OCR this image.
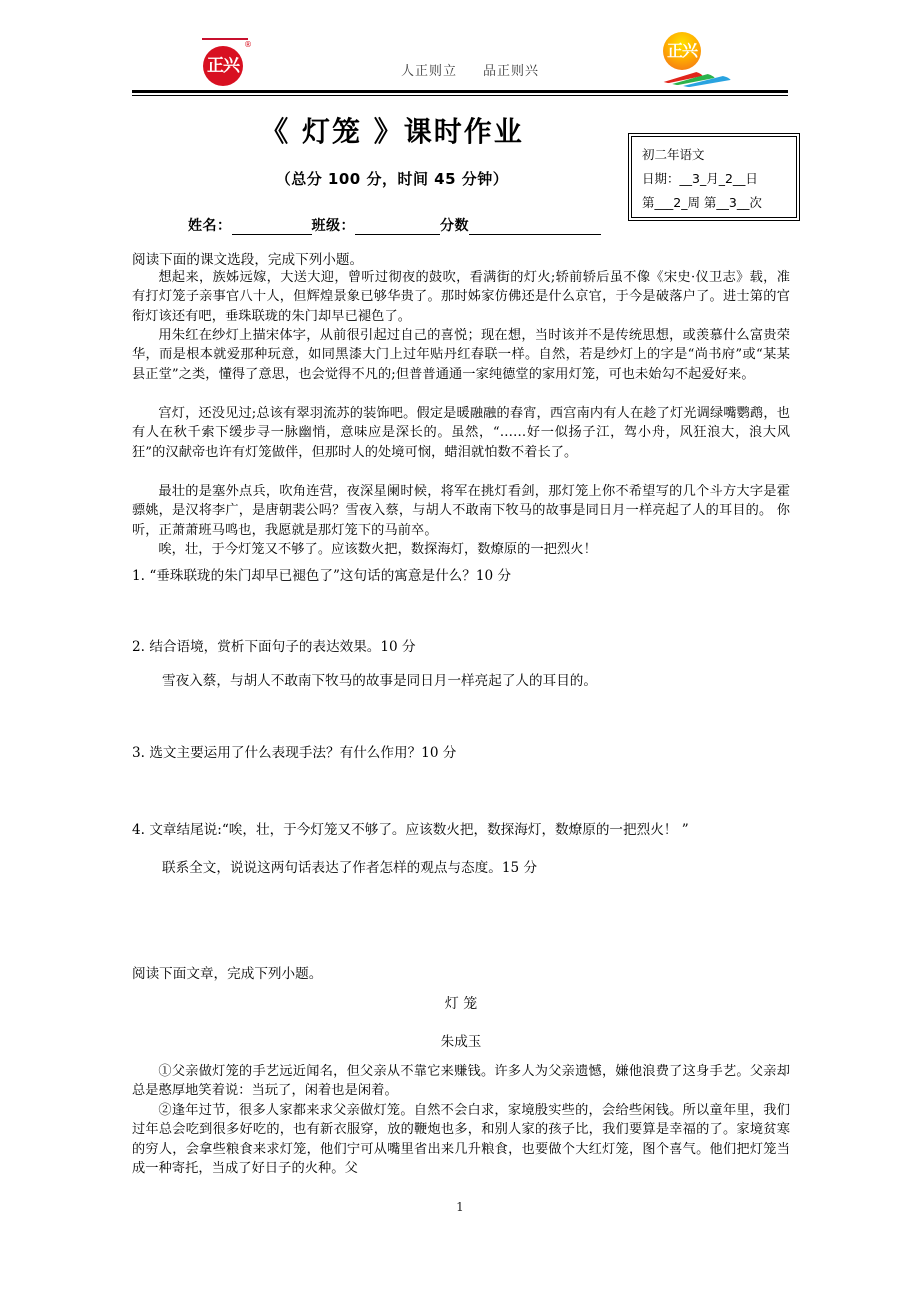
正兴
®
人正则立 品正则兴
正兴
《 灯笼 》课时作业
（总分 100 分，时间 45 分钟）
初二年语文
日期：__3_月_2__日
第___2_周 第__3__次
姓名：	班级：	分数
阅读下面的课文选段，完成下列小题。
想起来，族姊远嫁，大送大迎，曾听过彻夜的鼓吹，看满街的灯火;轿前轿后虽不像《宋史·仪卫志》载，准有打灯笼子亲事官八十人，但辉煌景象已够华贵了。那时姊家仿佛还是什么京官，于今是破落户了。进士第的官衔灯该还有吧，垂珠联珑的朱门却早已褪色了。
用朱红在纱灯上描宋体字，从前很引起过自己的喜悦；现在想，当时该并不是传统思想，或羡慕什么富贵荣华，而是根本就爱那种玩意，如同黑漆大门上过年贴丹红春联一样。自然，若是纱灯上的字是“尚书府”或“某某县正堂”之类，懂得了意思，也会觉得不凡的;但普普通通一家纯德堂的家用灯笼，可也未始勾不起爱好来。
宫灯，还没见过;总该有翠羽流苏的装饰吧。假定是暖融融的春宵，西宫南内有人在趁了灯光调绿嘴鹦鹉，也有人在秋千索下缓步寻一脉幽悄，意味应是深长的。虽然，“……好一似扬子江，驾小舟，风狂浪大，浪大风狂”的汉献帝也许有灯笼做伴，但那时人的处境可悯，蜡泪就怕数不着长了。
最壮的是塞外点兵，吹角连营，夜深星阑时候，将军在挑灯看剑，那灯笼上你不希望写的几个斗方大字是霍骠姚，是汉将李广，是唐朝裴公吗？雪夜入蔡，与胡人不敢南下牧马的故事是同日月一样亮起了人的耳目的。 你听，正萧萧班马鸣也，我愿就是那灯笼下的马前卒。
唉，壮，于今灯笼又不够了。应该数火把，数探海灯，数燎原的一把烈火！
1. “垂珠联珑的朱门却早已褪色了”这句话的寓意是什么？10 分
2. 结合语境，赏析下面句子的表达效果。10 分
雪夜入蔡，与胡人不敢南下牧马的故事是同日月一样亮起了人的耳目的。
3. 选文主要运用了什么表现手法？有什么作用？10 分
4. 文章结尾说:“唉，壮，于今灯笼又不够了。应该数火把，数探海灯，数燎原的一把烈火！ ”
联系全文，说说这两句话表达了作者怎样的观点与态度。15 分
阅读下面文章，完成下列小题。
灯 笼
朱成玉
①父亲做灯笼的手艺远近闻名，但父亲从不靠它来赚钱。许多人为父亲遗憾，嫌他浪费了这身手艺。父亲却总是憨厚地笑着说：当玩了，闲着也是闲着。
②逢年过节，很多人家都来求父亲做灯笼。自然不会白求，家境殷实些的，会给些闲钱。所以童年里，我们过年总会吃到很多好吃的，也有新衣服穿，放的鞭炮也多，和别人家的孩子比，我们要算是幸福的了。家境贫寒的穷人，会拿些粮食来求灯笼，他们宁可从嘴里省出来几升粮食，也要做个大红灯笼，图个喜气。他们把灯笼当成一种寄托，当成了好日子的火种。父
1
